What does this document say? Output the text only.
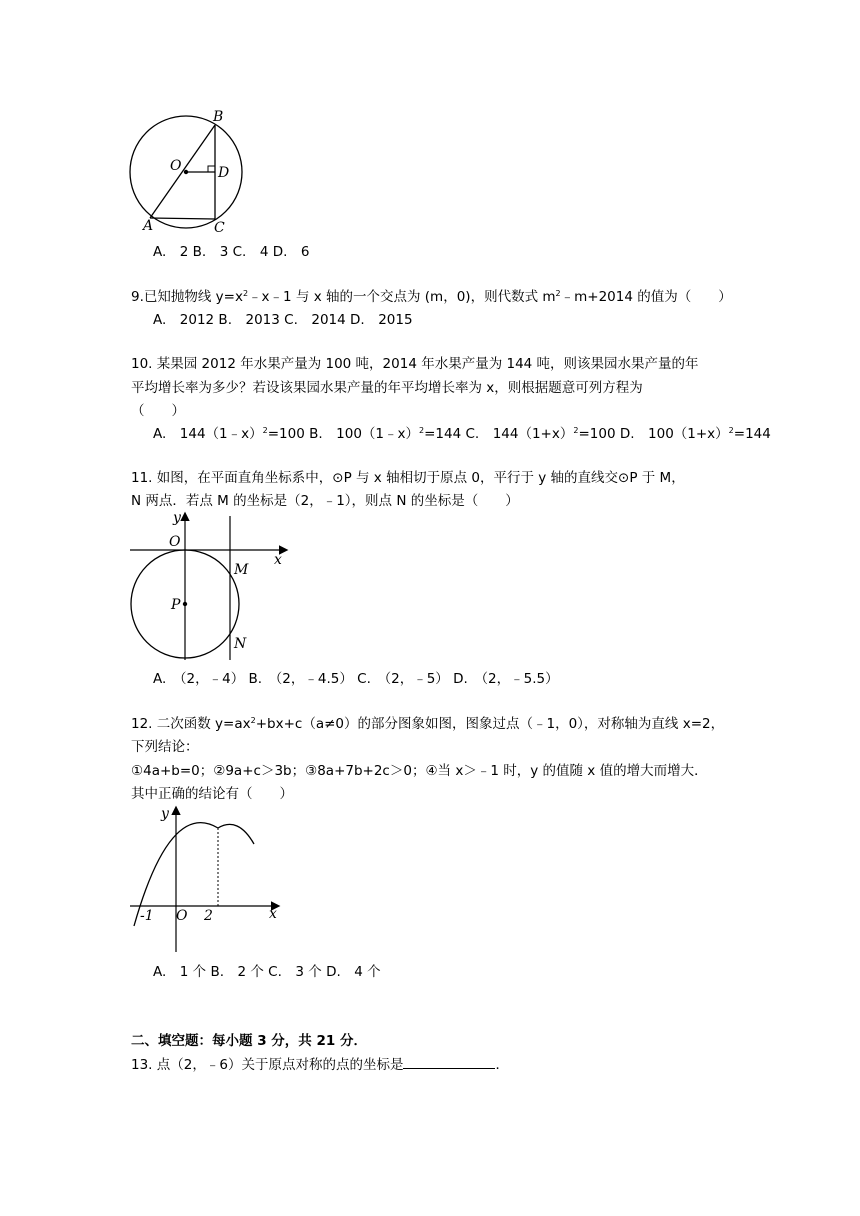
B
O	D
A	C
A.　2 B.　3 C.　4 D.　6
9.已知抛物线 $y=x^2﹣x﹣1$ 与 x 轴的一个交点为 (m，0)，则代数式 $m^2﹣m+2014$ 的值为（　　）
A.　2012 B.　2013 C.　2014 D.　2015
10. 某果园 2012 年水果产量为 100 吨，2014 年水果产量为 144 吨，则该果园水果产量的年
平均增长率为多少？若设该果园水果产量的年平均增长率为 x，则根据题意可列方程为
（　　）
A.　144（1﹣x）$^2$=100 B.　100（1﹣x）$^2$=144 C.　$144(1+x)^2=100$ D.　$100(1+x)^2=144$
11. 如图，在平面直角坐标系中，⊙P 与 x 轴相切于原点 0，平行于 y 轴的直线交⊙P 于 M，
N 两点．若点 M 的坐标是（2，﹣1），则点 N 的坐标是（　　）
y
O
x
M
P
N
A.　（2，﹣4） B.　（2，﹣4.5） C.　（2，﹣5） D.　（2，﹣5.5）
12. 二次函数 $y=ax^2+bx+c(a\ne 0)$的部分图象如图，图象过点（﹣1，0），对称轴为直线 x=2，
下列结论：
①4a+b=0；②9a+c＞3b；③8a+7b+2c＞0；④当 x＞﹣1 时，y 的值随 x 值的增大而增大．
其中正确的结论有（　　）
y
x
-1 O 2
A.　1 个 B.　2 个 C.　3 个 D.　4 个
二、填空题：每小题 3 分，共 21 分．
13. 点（2，﹣6）关于原点对称的点的坐标是	．
